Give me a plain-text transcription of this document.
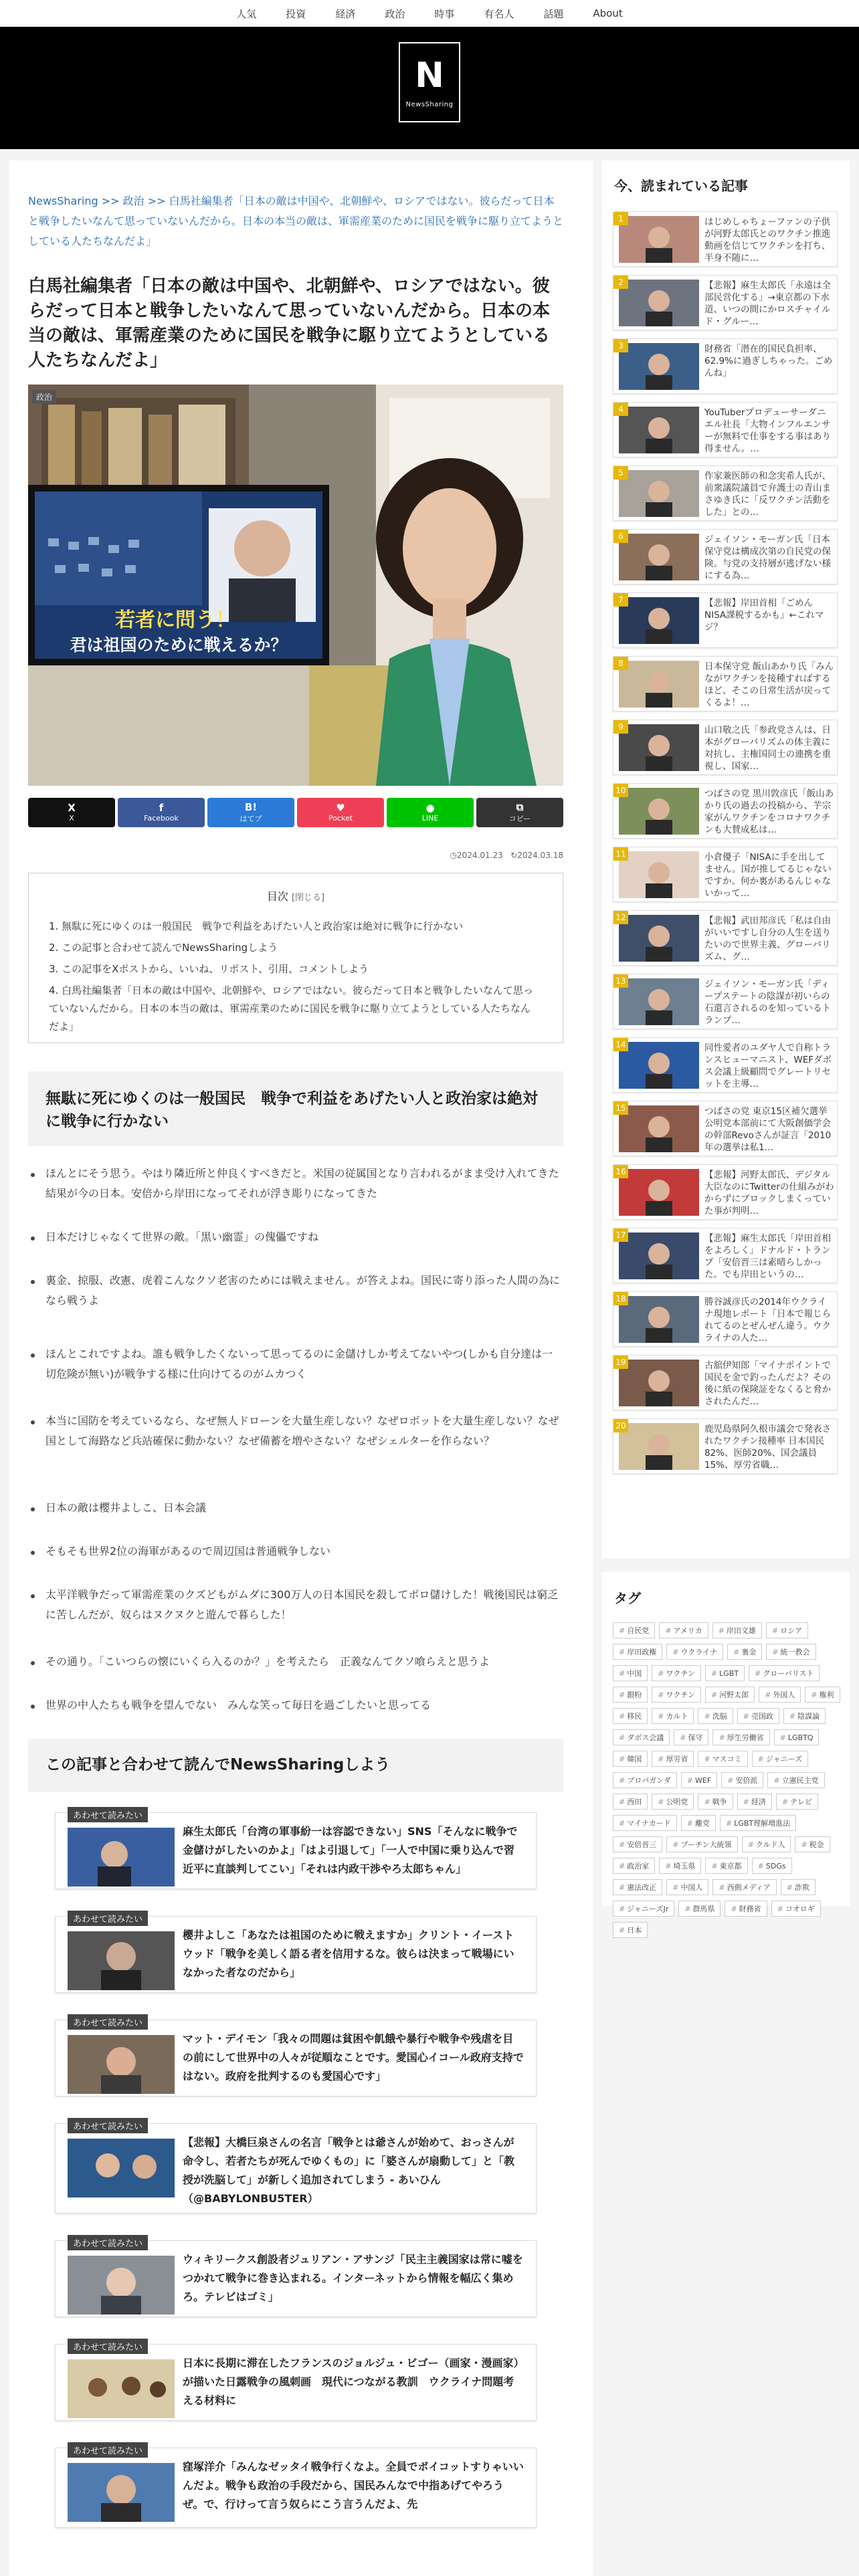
人気	投資	経済	政治	時事	有名人	話題	About
N
NewsSharing
NewsSharing >> 政治 >> 白馬社編集者「日本の敵は中国や、北朝鮮や、ロシアではない。彼らだって日本と戦争したいなんて思っていないんだから。日本の本当の敵は、軍需産業のために国民を戦争に駆り立てようとしている人たちなんだよ」
白馬社編集者「日本の敵は中国や、北朝鮮や、ロシアではない。彼らだって日本と戦争したいなんて思っていないんだから。日本の本当の敵は、軍需産業のために国民を戦争に駆り立てようとしている人たちなんだよ」
若者に問う！
君は祖国のために戦えるか？
政治
X
X
f
Facebook
B!
はてブ
♥
Pocket
●
LINE
⧉
コピー
◷2024.01.23 ↻2024.03.18
目次 [閉じる]
1. 無駄に死にゆくのは一般国民　戦争で利益をあげたい人と政治家は絶対に戦争に行かない
2. この記事と合わせて読んでNewsSharingしよう
3. この記事をXポストから、いいね、リポスト、引用、コメントしよう
4. 白馬社編集者「日本の敵は中国や、北朝鮮や、ロシアではない。彼らだって日本と戦争したいなんて思っていないんだから。日本の本当の敵は、軍需産業のために国民を戦争に駆り立てようとしている人たちなんだよ」
無駄に死にゆくのは一般国民　戦争で利益をあげたい人と政治家は絶対に戦争に行かない
ほんとにそう思う。やはり隣近所と仲良くすべきだと。米国の従属国となり言われるがまま受け入れてきた結果が今の日本。安倍から岸田になってそれが浮き彫りになってきた
日本だけじゃなくて世界の敵。「黒い幽霊」の傀儡ですね
裏金、掠服、改憲、虎着こんなクソ老害のためには戦えません。が答えよね。国民に寄り添った人間の為になら戦うよ
ほんとこれですよね。誰も戦争したくないって思ってるのに金儲けしか考えてないやつ(しかも自分達は一切危険が無い)が戦争する様に仕向けてるのがムカつく
本当に国防を考えているなら、なぜ無人ドローンを大量生産しない？なぜロボットを大量生産しない？なぜ国として海路など兵站確保に動かない？なぜ備蓄を増やさない？なぜシェルターを作らない？
日本の敵は櫻井よしこ、日本会議
そもそも世界2位の海軍があるので周辺国は普通戦争しない
太平洋戦争だって軍需産業のクズどもがムダに300万人の日本国民を殺してボロ儲けした！戦後国民は窮乏に苦しんだが、奴らはヌクヌクと遊んで暮らした！
その通り。「こいつらの懐にいくら入るのか？」を考えたら　正義なんてクソ喰らえと思うよ
世界の中人たちも戦争を望んでない　みんな笑って毎日を過ごしたいと思ってる
この記事と合わせて読んでNewsSharingしよう
あわせて読みたい
麻生太郎氏「台湾の軍事紛一は容認できない」SNS「そんなに戦争で金儲けがしたいのかよ」「はよ引退して」「一人で中国に乗り込んで習近平に直談判してこい」「それは内政干渉やろ太郎ちゃん」
あわせて読みたい
櫻井よしこ「あなたは祖国のために戦えますか」クリント・イーストウッド「戦争を美しく語る者を信用するな。彼らは決まって戦場にいなかった者なのだから」
あわせて読みたい
マット・デイモン「我々の問題は貧困や飢餓や暴行や戦争や残虐を目の前にして世界中の人々が従順なことです。愛国心イコール政府支持ではない。政府を批判するのも愛国心です」
あわせて読みたい
【悲報】大橋巨泉さんの名言「戦争とは爺さんが始めて、おっさんが命令し、若者たちが死んでゆくもの」に「婆さんが扇動して」と「教授が洗脳して」が新しく追加されてしまう - あいひん（@BABYLONBU5TER）
あわせて読みたい
ウィキリークス創設者ジュリアン・アサンジ「民主主義国家は常に嘘をつかれて戦争に巻き込まれる。インターネットから情報を幅広く集めろ。テレビはゴミ」
あわせて読みたい
日本に長期に滞在したフランスのジョルジュ・ビゴー（画家・漫画家）が描いた日露戦争の風刺画　現代につながる教訓　ウクライナ問題考える材料に
あわせて読みたい
窪塚洋介「みんなゼッタイ戦争行くなよ。全員でボイコットすりゃいいんだよ。戦争も政治の手段だから、国民みんなで中指あげてやろうぜ。で、行けって言う奴らにこう言うんだよ、先
今、読まれている記事
1	はじめしゃちょーファンの子供が河野太郎氏とのワクチン推進動画を信じてワクチンを打ち、半身不随に…
2	【悲報】麻生太郎氏「永遠は全部民営化する」→東京都の下水道、いつの間にかロスチャイルド・グルー…
3	財務省「潜在的国民負担率、62.9%に過ぎしちゃった。ごめんね」
4	YouTuberプロデューサーダニエル社長「大物インフルエンサーが無料で仕事をする事はあり得ません。…
5	作家兼医師の和念実希人氏が、前衆議院議員で弁護士の青山まさゆき氏に「反ワクチン活動をした」との…
6	ジェイソン・モーガン氏「日本保守党は構成次第の自民党の保険。与党の支持層が逃げない様にする為…
7	【悲報】岸田首相「ごめんNISA課税するかも」←これマジ？
8	日本保守党 飯山あかり氏「みんながワクチンを接種すればするほど、そこの日常生活が戻ってくるよ！…
9	山口敬之氏「参政党さんは、日本がグローバリズムの体主義に対抗し、主権国同士の連携を重視し、国家…
10	つばさの党 黒川敦彦氏「飯山あかり氏の過去の投稿から、芋宗家がんワクチンをコロナワクチンも大賛成私は…
11	小倉優子「NISAに手を出してません。国が推してるじゃないですか。何か裏があるんじゃないかって…
12	【悲報】武田邦彦氏「私は自由がいいですし自分の人生を送りたいので世界主義、グローバリズム、グ…
13	ジェイソン・モーガン氏「ディープステートの陰謀が初いらの石還言されるのを知っているトランプ…
14	同性愛者のユダヤ人で自称トランスヒューマニスト、WEFダボス会議上級顧問でグレートリセットを主導…
15	つばさの党 東京15区補欠選挙 公明党本部前にて大阪創価学会の幹部Revoさんが証言「2010年の選挙は私1…
16	【悲報】河野太郎氏、デジタル大臣なのにTwitterの仕組みがわからずにブロックしまくっていた事が判明…
17	【悲報】麻生太郎氏「岸田首相をよろしく」ドナルド・トランプ「安倍晋三は素晴らしかった。でも岸田というの…
18	勝谷誠彦氏の2014年ウクライナ現地レポート「日本で報じられてるのとぜんぜん違う。ウクライナの人た…
19	古舘伊知郎「マイナポイントで国民を金で釣ったんだよ？その後に紙の保険証をなくると脅かされたんだ…
20	鹿児島県阿久根市議会で発表されたワクチン接種率 日本国民82%、医師20%、国会議員15%、厚労省職…
タグ
# 自民党 # アメリカ # 岸田文雄 # ロシア
# 岸田政権 # ウクライナ # 裏金 # 統一教会
# 中国 # ワクチン # LGBT # グローバリスト
# 銀粉 # ワクチン # 河野太郎 # 外国人 # 権利
# 移民 # カルト # 洗脳 # 売国政 # 陰謀論
# ダボス会議 # 保守 # 厚生労働省 # LGBTQ
# 韓国 # 厚労省 # マスコミ # ジャニーズ
# プロパガンダ # WEF # 安倍派 # 立憲民主党
# 西田 # 公明党 # 戦争 # 経済 # テレビ
# マイナカード # 離党 # LGBT理解増進法
# 安倍晋三 # プーチン大統領 # クルド人 # 税金
# 政治家 # 埼玉県 # 東京都 # SDGs
# 憲法改正 # 中国人 # 西側メディア # 詐欺
# ジャニーズJr # 群馬県 # 財務省 # コオロギ
# 日本
